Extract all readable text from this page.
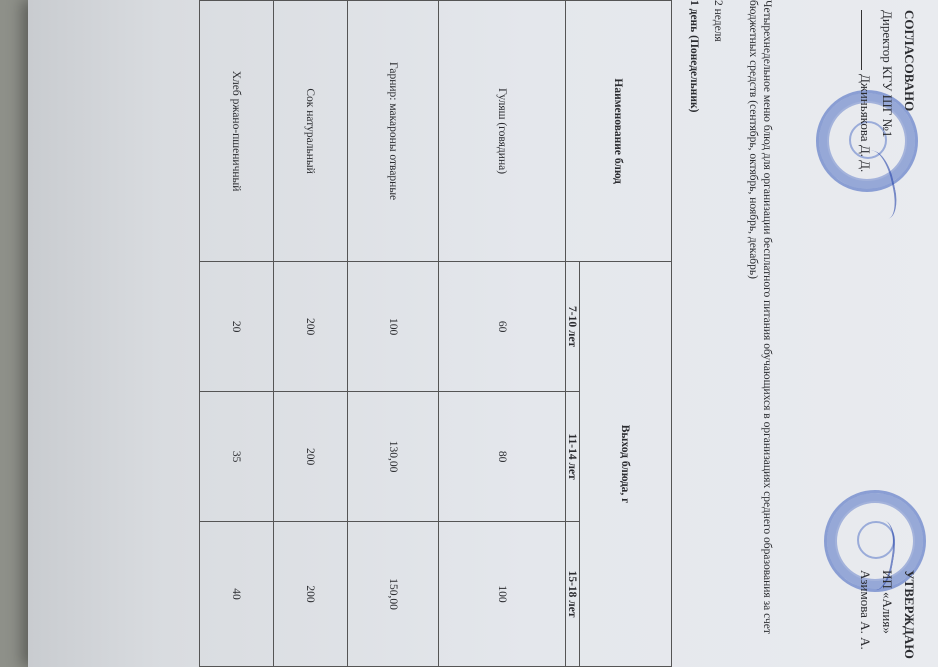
СОГЛАСОВАНО
Директор КГУ ШГ №1
Джиньякова Д. Д.
УТВЕРЖДАЮ
ИП «Алия»
Азимова А. А.
Четырехнедельное меню блюд для организации бесплатного питания обучающихся в организациях среднего образования за счет бюджетных средств (сентябрь, октябрь, ноябрь, декабрь)
2 неделя
1 день (Понедельник)
Наименование блюд	Выход блюда, г		
	7-10 лет	11-14 лет	15-18 лет
Гуляш (говядина)	60	80	100
Гарнир: макароны отварные	100	130,00	150,00
Сок натуральный	200	200	200
Хлеб ржано-пшеничный	20	35	40
